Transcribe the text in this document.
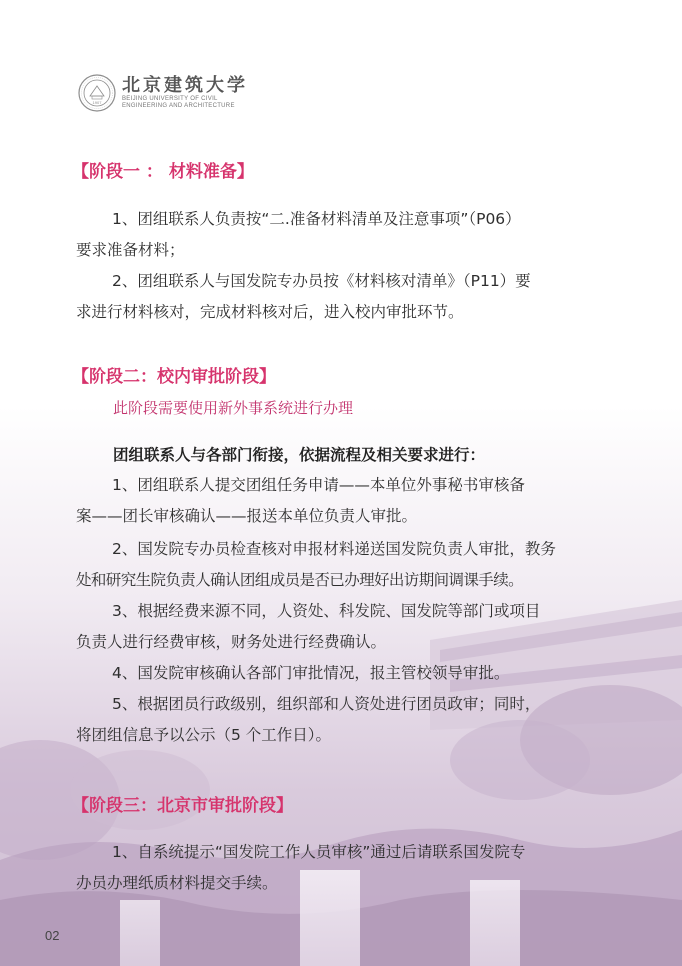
1907
北京建筑大学
BEIJING UNIVERSITY OF CIVIL
ENGINEERING AND ARCHITECTURE
【阶段一 ： 材料准备】
1、团组联系人负责按“二.准备材料清单及注意事项”（P06）
要求准备材料；
2、团组联系人与国发院专办员按《材料核对清单》（P11）要
求进行材料核对，完成材料核对后，进入校内审批环节。
【阶段二：校内审批阶段】
此阶段需要使用新外事系统进行办理
团组联系人与各部门衔接，依据流程及相关要求进行：
1、团组联系人提交团组任务申请——本单位外事秘书审核备
案——团长审核确认——报送本单位负责人审批。
2、国发院专办员检查核对申报材料递送国发院负责人审批，教务
处和研究生院负责人确认团组成员是否已办理好出访期间调课手续。
3、根据经费来源不同，人资处、科发院、国发院等部门或项目
负责人进行经费审核，财务处进行经费确认。
4、国发院审核确认各部门审批情况，报主管校领导审批。
5、根据团员行政级别，组织部和人资处进行团员政审；同时，
将团组信息予以公示（5 个工作日）。
【阶段三：北京市审批阶段】
1、自系统提示“国发院工作人员审核”通过后请联系国发院专
办员办理纸质材料提交手续。
02
